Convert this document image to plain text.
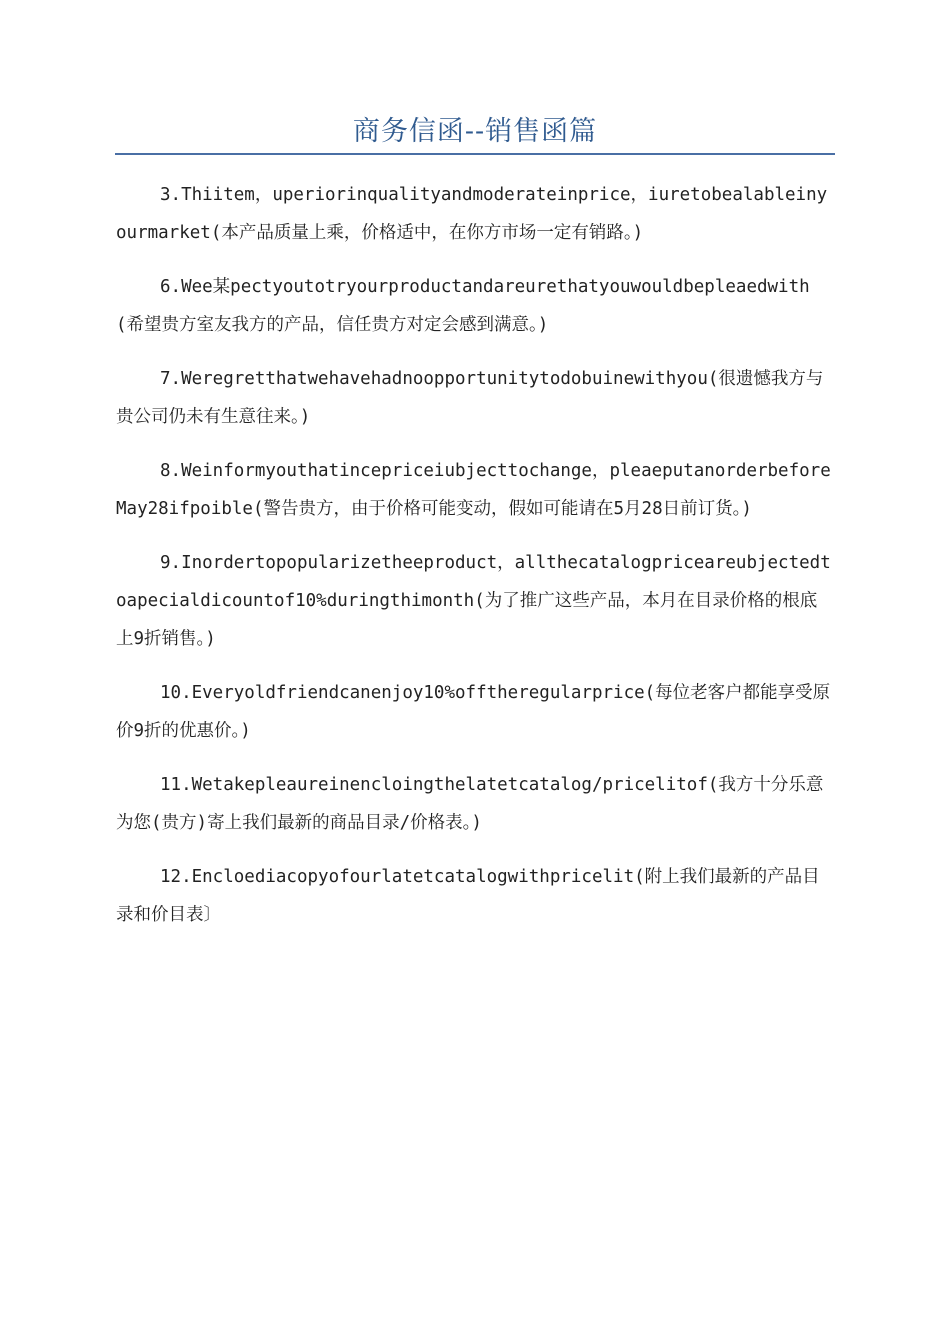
商务信函--销售函篇

3.Thiitem，uperiorinqualityandmoderateinprice，iuretobealableinyourmarket(本产品质量上乘，价格适中，在你方市场一定有销路。)

6.Wee某pectyoutotryourproductandareurethatyouwouldbepleaedwith(希望贵方室友我方的产品，信任贵方对定会感到满意。)

7.Weregretthatwehavehadnoopportunitytodobuinewithyou(很遗憾我方与贵公司仍未有生意往来。)

8.Weinformyouthatincepriceiubjecttochange，pleaeputanorderbeforeMay28ifpoible(警告贵方，由于价格可能变动，假如可能请在5月28日前订货。)

9.Inordertopopularizetheeproduct，allthecatalogpriceareubjectedtoapecialdicountof10%duringthimonth(为了推广这些产品，本月在目录价格的根底上9折销售。)

10.Everyoldfriendcanenjoy10%offtheregularprice(每位老客户都能享受原价9折的优惠价。)

11.Wetakepleaureinencloingthelatetcatalog/pricelitof(我方十分乐意为您(贵方)寄上我们最新的商品目录/价格表。)

12.Encloediacopyofourlatetcatalogwithpricelit(附上我们最新的产品目录和价目表〕
